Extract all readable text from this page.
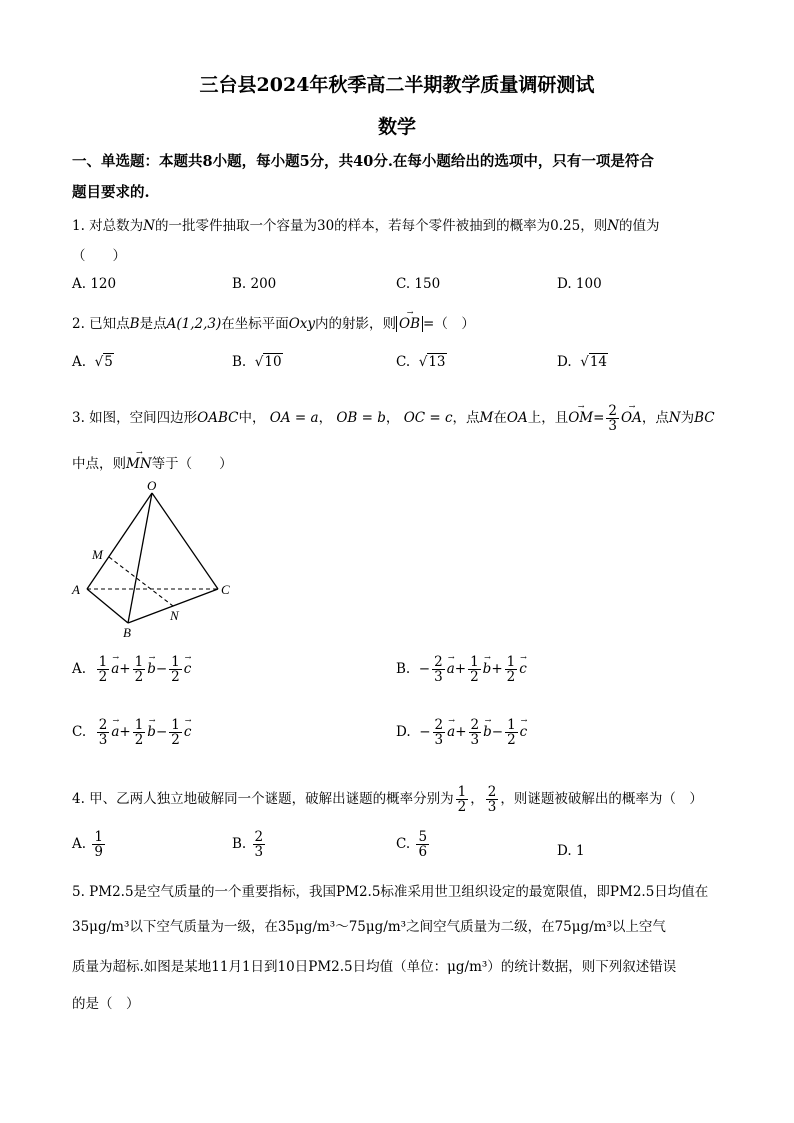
三台县2024年秋季高二半期教学质量调研测试
数学
一、单选题：本题共8小题，每小题5分，共40分.在每小题给出的选项中，只有一项是符合
题目要求的.
1. 对总数为N的一批零件抽取一个容量为30的样本，若每个零件被抽到的概率为0.25，则N的值为
（　　）
A. 120	B. 200	C. 150	D. 100
2. 已知点B是点A(1,2,3)在坐标平面Oxy内的射影，则
→
OB =（　）
A.  √5	B.  √10	C.  √13	D.  √14
3. 如图，空间四边形OABC中， OA = a， OB = b， OC = c，点M在OA上，且
→
$OM= \frac{2}{3}$	→
OA，点N为BC
中点，则
→
MN等于（　　）
O
M
A	C
B
N
A. $\frac{1}{2}$ →
$a+ \frac{1}{2}$ →
$b- \frac{1}{2}$ →
c	B.  − $\frac{2}{3}$ →
$a+ \frac{1}{2}$ →
$b+ \frac{1}{2}$ →
c
C. $\frac{2}{3}$ →
$a+ \frac{1}{2}$ →
$b- \frac{1}{2}$ →
c	D.  − $\frac{2}{3}$ →
$a+ \frac{2}{3}$ →
$b- \frac{1}{2}$ →
c
4. 甲、乙两人独立地破解同一个谜题，破解出谜题的概率分别为 $\frac{1}{2}$ ， $\frac{2}{3}$ ，则谜题被破解出的概率为（　）
A. $\frac{1}{9}$	B. $\frac{2}{3}$	C. $\frac{5}{6}$	D. 1
5. PM2.5是空气质量的一个重要指标，我国PM2.5标准采用世卫组织设定的最宽限值，即PM2.5日均值在
35μg/m³以下空气质量为一级，在35μg/m³～75μg/m³之间空气质量为二级，在75μg/m³以上空气
质量为超标.如图是某地11月1日到10日PM2.5日均值（单位：μg/m³）的统计数据，则下列叙述错误
的是（　）
